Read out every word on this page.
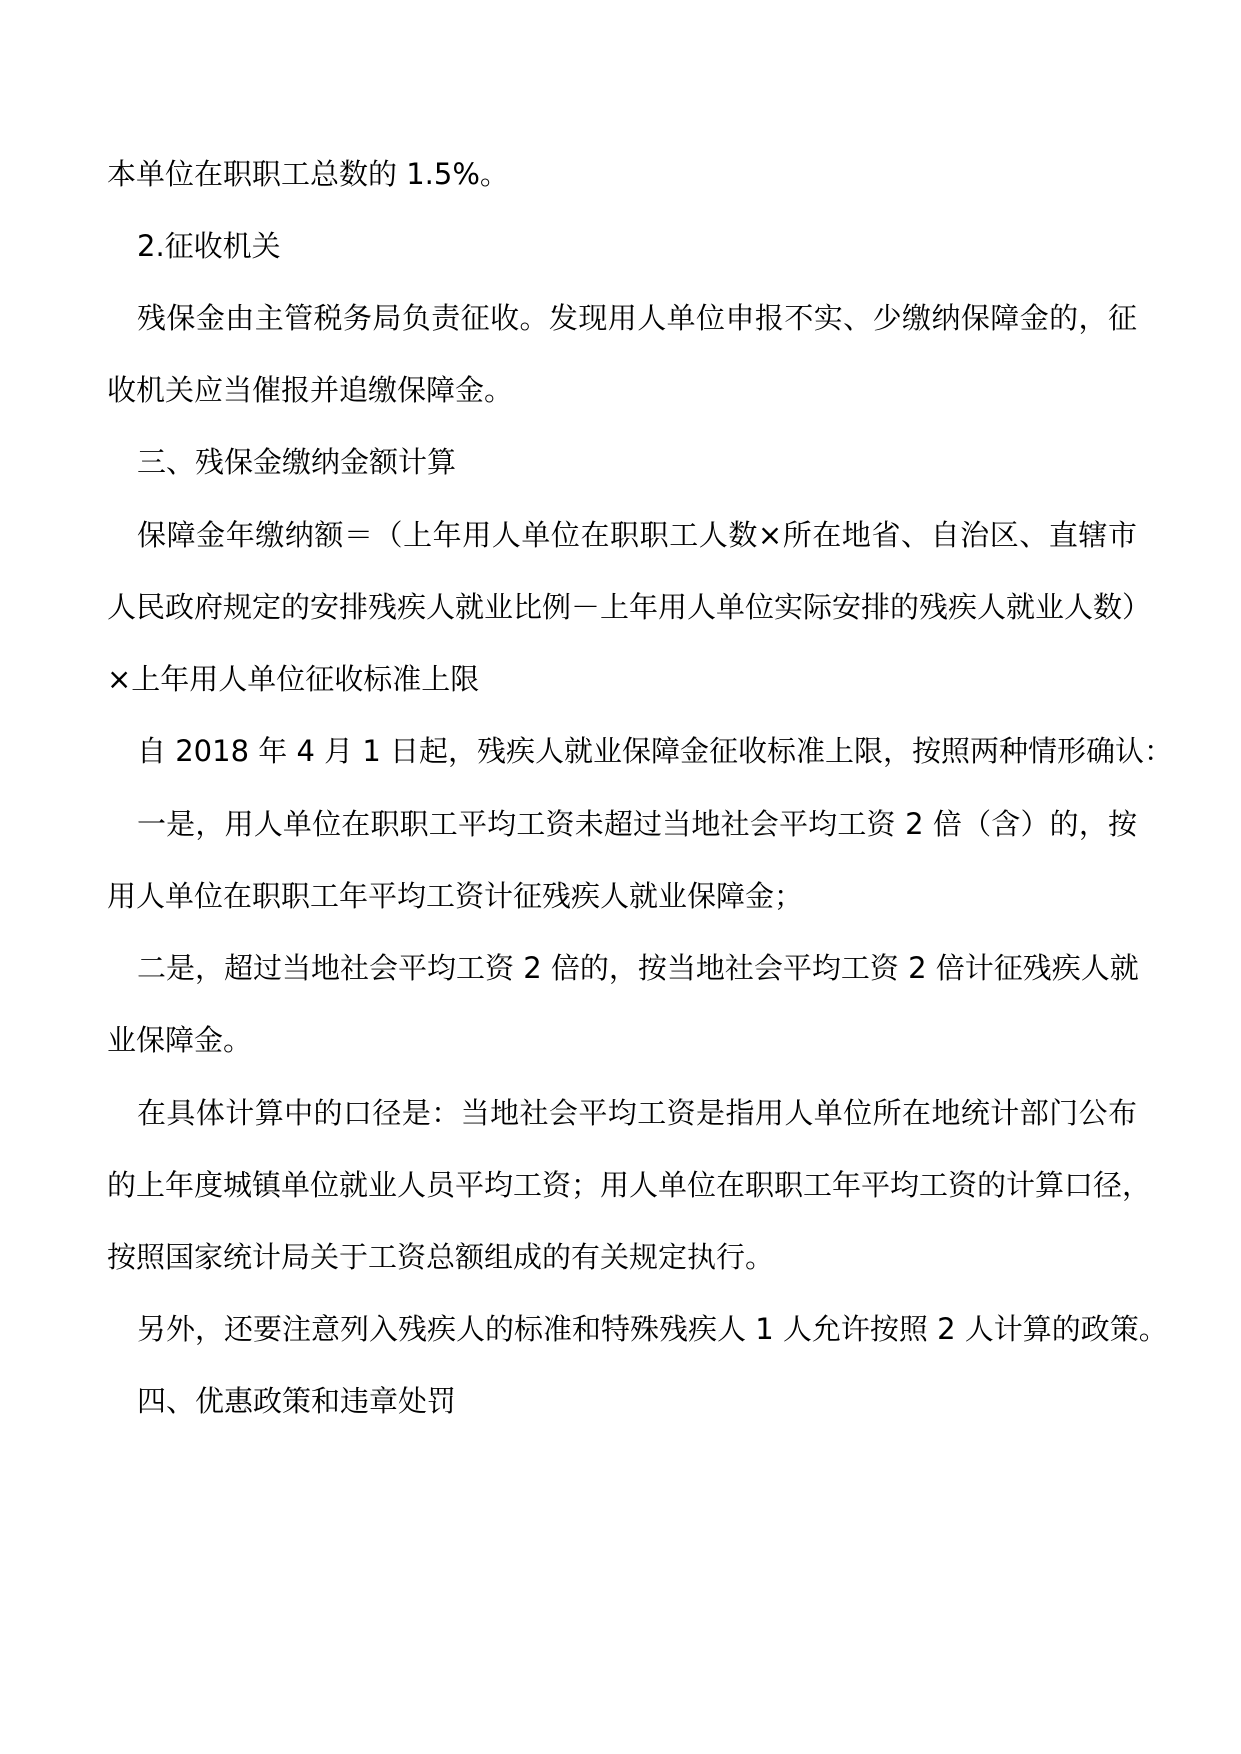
本单位在职职工总数的 1.5%。
2.征收机关
残保金由主管税务局负责征收。发现用人单位申报不实、少缴纳保障金的，征
收机关应当催报并追缴保障金。
三、残保金缴纳金额计算
保障金年缴纳额＝（上年用人单位在职职工人数×所在地省、自治区、直辖市
人民政府规定的安排残疾人就业比例－上年用人单位实际安排的残疾人就业人数）
×上年用人单位征收标准上限
自 2018 年 4 月 1 日起，残疾人就业保障金征收标准上限，按照两种情形确认：
一是，用人单位在职职工平均工资未超过当地社会平均工资 2 倍（含）的，按
用人单位在职职工年平均工资计征残疾人就业保障金；
二是，超过当地社会平均工资 2 倍的，按当地社会平均工资 2 倍计征残疾人就
业保障金。
在具体计算中的口径是：当地社会平均工资是指用人单位所在地统计部门公布
的上年度城镇单位就业人员平均工资；用人单位在职职工年平均工资的计算口径，
按照国家统计局关于工资总额组成的有关规定执行。
另外，还要注意列入残疾人的标准和特殊残疾人 1 人允许按照 2 人计算的政策。
四、优惠政策和违章处罚
